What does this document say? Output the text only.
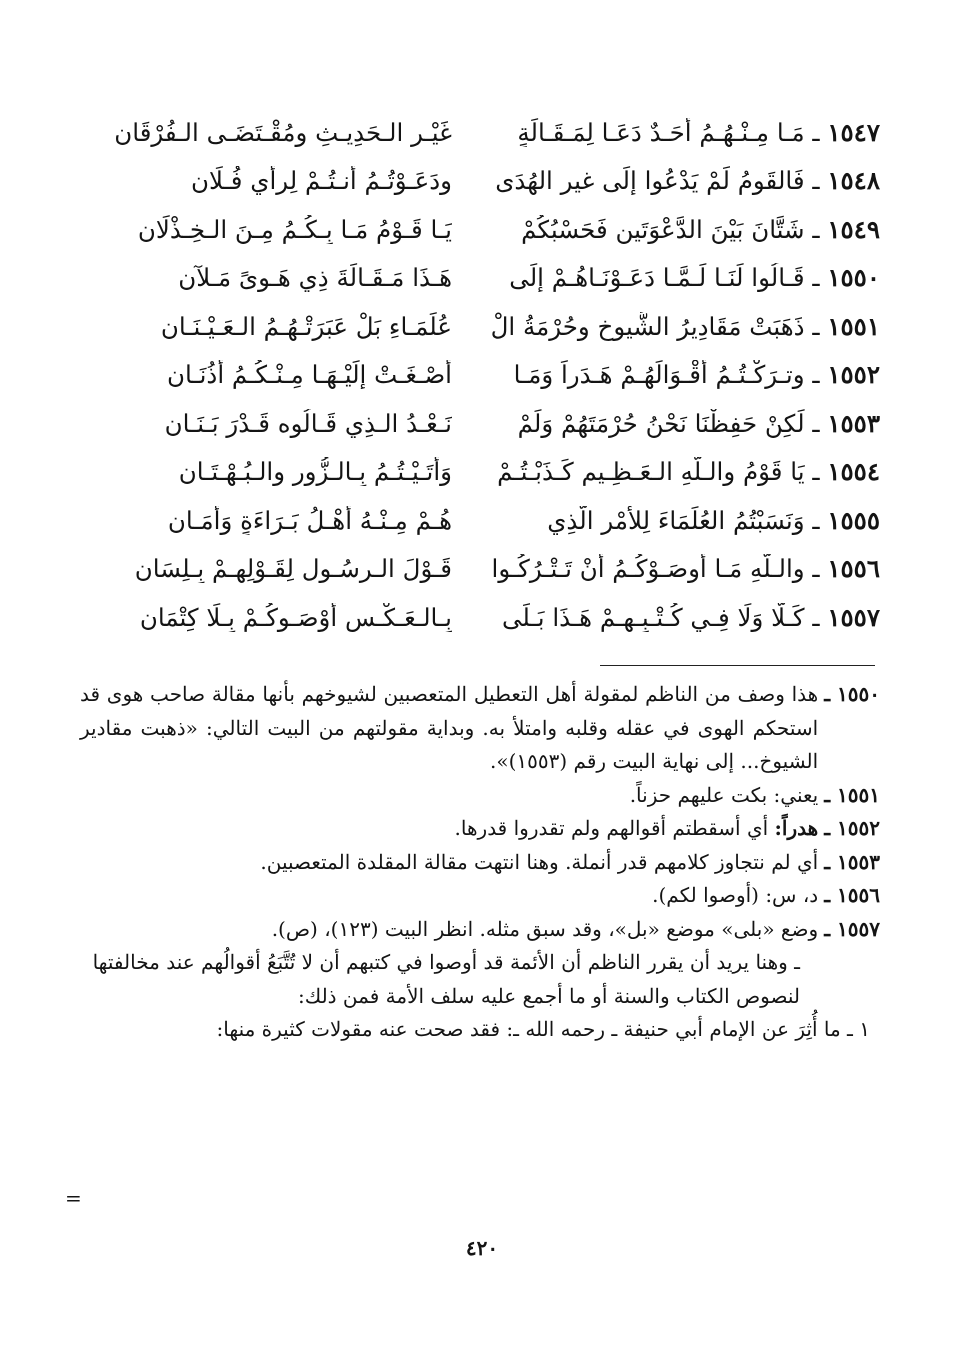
١٥٤٧ ـ مَـا مِـنْـهُـمُ أَحَـدٌ دَعَـا لِمَـقَـالَةٍ
غَيْـرِ الـحَدِيـثِ ومُقْـتَضَـى الـفُرْقَانِ
١٥٤٨ ـ فَالقَومُ لَمْ يَدْعُوا إِلَى غيرِ الهُدَى
ودَعَـوْتُـمُ أَنـتُـمْ لِرأيِ فُـلَانِ
١٥٤٩ ـ شَتَّانَ بَيْنَ الدَّعْوَتَينِ فَحَسْبُكُمْ
يَـا قَـوْمُ مَـا بِـكُـمُ مِـنَ الـخِـذْلَانِ
١٥٥٠ ـ قَـالُوا لَنَـا لَـمَّـا دَعَـوْنَـاهُـمْ إِلَى
هَـذَا مَـقَـالَةَ ذِي هَـوىً مَـلآنِ
١٥٥١ ـ ذَهَبَتْ مَقَادِيرُ الشُّيوخِ وحُرْمَةُ الْ
عُلَمَـاءِ بَلْ عَبَرَتْـهُـمُ الـعَـيْـنَـانِ
١٥٥٢ ـ وتـرَكْـتُـمُ أقْـوَالَهُـمْ هَـدَراً وَمَـا
أَصْـغَـتْ إِلَيْـهَـا مِـنْـكُـمُ أُذُنَـانِ
١٥٥٣ ـ لَكِنْ حَفِظْنَا نَحْنُ حُرْمَتَهُمْ وَلَمْ
نَـعْـدُ الـذِي قَـالُوه قَـدْرَ بَـنَـانِ
١٥٥٤ ـ يَا قَوْمُ والـلَّهِ الـعَـظِـيمِ كَـذَبْـتُـمْ
وَأَتَـيْـتُـمُ بِـالـزُّورِ والـبُـهْـتَـانِ
١٥٥٥ ـ وَنَسَبْتُمُ العُلَمَاءَ لِلأَمْرِ الَّذِي
هُـمْ مِـنْـهُ أَهْـلُ بَـرَاءَةٍ وَأَمَـانِ
١٥٥٦ ـ والـلَّهِ مَـا أَوصَـوْكُـمُ أَنْ تَـتْـرُكُـوا
قَـوْلَ الـرسُـولِ لِقَـوْلِهِـمْ بِـلِسَانِ
١٥٥٧ ـ كَـلَّا وَلَا فِـي كُـتْـبِـهِـمْ هَـذَا بَـلَى
بِـالـعَـكْـسِ أَوْصَـوكُـمْ بِـلَا كِتْمَانِ
١٥٥٠ ـ
هذا وصف من الناظم لمقولة أهل التعطيل المتعصبين لشيوخهم بأنها مقالة صاحب هوى قد استحكم الهوى في عقله وقلبه وامتلأ به. وبداية مقولتهم من البيت التالي: «ذهبت مقادير الشيوخ... إلى نهاية البيت رقم (١٥٥٣)».
١٥٥١ ـ
يعني: بكت عليهم حزناً.
١٥٥٢ ـ
هدراً: أي أسقطتم أقوالهم ولم تقدروا قدرها.
١٥٥٣ ـ
أي لم نتجاوز كلامهم قدر أنملة. وهنا انتهت مقالة المقلدة المتعصبين.
١٥٥٦ ـ
د، س: (أوصوا لكم).
١٥٥٧ ـ
وضع «بلى» موضع «بل»، وقد سبق مثله. انظر البيت (١٢٣)، (ص).
ـ وهنا يريد أن يقرر الناظم أن الأئمة قد أوصوا في كتبهم أن لا تُتَّبَعُ أقوالُهم عند مخالفتها لنصوص الكتاب والسنة أو ما أجمع عليه سلف الأمة فمن ذلك:
١ ـ ما أُثِرَ عن الإمام أبي حنيفة ـ رحمه الله ـ: فقد صحت عنه مقولات كثيرة منها:
=
٤٢٠
